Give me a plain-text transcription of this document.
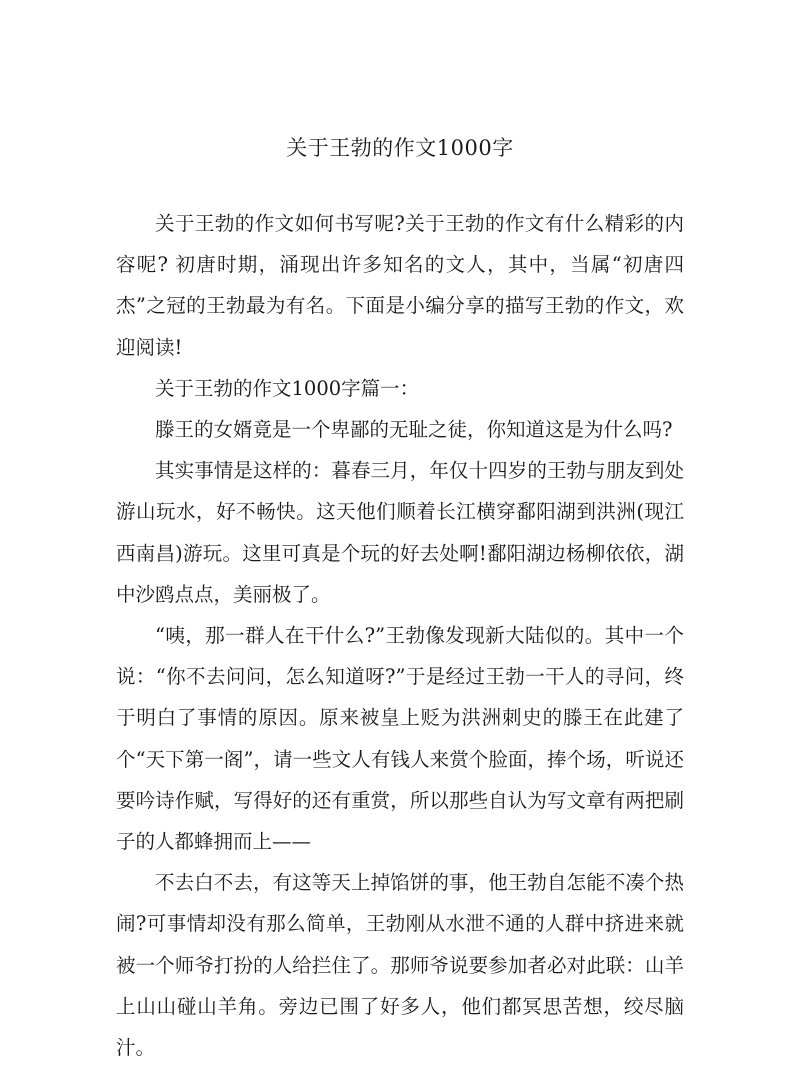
关于王勃的作文1000字

关于王勃的作文如何书写呢?关于王勃的作文有什么精彩的内容呢? 初唐时期，涌现出许多知名的文人，其中，当属“初唐四杰”之冠的王勃最为有名。下面是小编分享的描写王勃的作文，欢迎阅读!

关于王勃的作文1000字篇一：

滕王的女婿竟是一个卑鄙的无耻之徒，你知道这是为什么吗?

其实事情是这样的：暮春三月，年仅十四岁的王勃与朋友到处游山玩水，好不畅快。这天他们顺着长江横穿鄱阳湖到洪洲(现江西南昌)游玩。这里可真是个玩的好去处啊!鄱阳湖边杨柳依依，湖中沙鸥点点，美丽极了。

“咦，那一群人在干什么?”王勃像发现新大陆似的。其中一个说：“你不去问问，怎么知道呀?”于是经过王勃一干人的寻问，终于明白了事情的原因。原来被皇上贬为洪洲刺史的滕王在此建了个“天下第一阁”，请一些文人有钱人来赏个脸面，捧个场，听说还要吟诗作赋，写得好的还有重赏，所以那些自认为写文章有两把刷子的人都蜂拥而上——

不去白不去，有这等天上掉馅饼的事，他王勃自怎能不凑个热闹?可事情却没有那么简单，王勃刚从水泄不通的人群中挤进来就被一个师爷打扮的人给拦住了。那师爷说要参加者必对此联：山羊上山山碰山羊角。旁边已围了好多人，他们都冥思苦想，绞尽脑汁。
